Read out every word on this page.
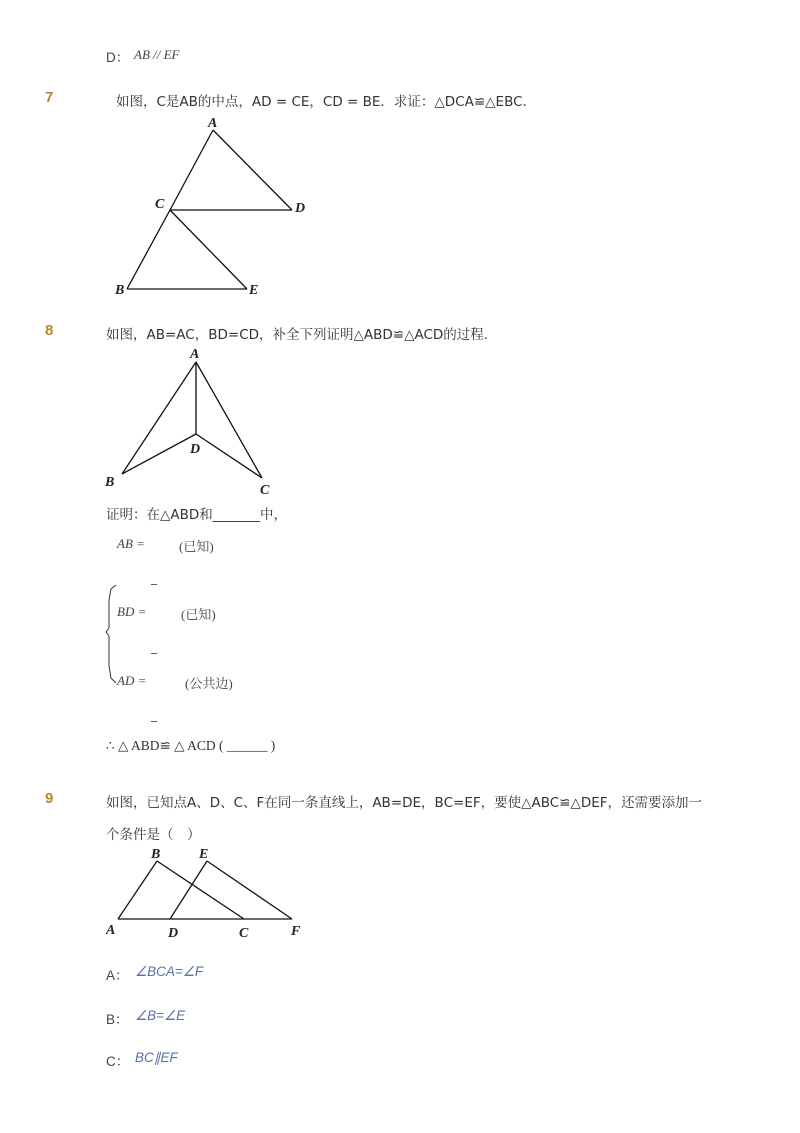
D： AB // EF
7	如图，C是AB的中点，AD = CE，CD = BE．求证：△DCA≌△EBC．
A
C	D
B	E
8	如图，AB=AC，BD=CD，补全下列证明△ABD≌△ACD的过程．
A
D
B
C
证明：在△ABD和_______中，
AB =	(已知)
_
BD =	(已知)
_
AD =	(公共边)
_
∴ △ ABD≌ △ ACD ( ______ )
9	如图，已知点A、D、C、F在同一条直线上，AB=DE，BC=EF，要使△ABC≌△DEF，还需要添加一
个条件是（　）
B	E
A	D	C	F
A： ∠BCA=∠F
B： ∠B=∠E
C： BC∥EF
